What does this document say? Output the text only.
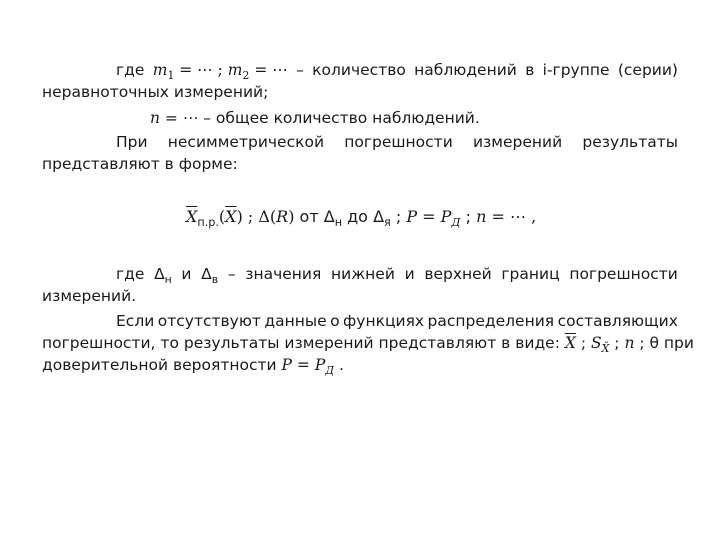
где $m_1$ = ⋯ ; $m_2$ = ⋯ – количество наблюдений в i-группе (серии)
неравноточных измерений;
n = ⋯ – общее количество наблюдений.
При несимметрической погрешности измерений результаты
представляют в форме:
$\overline{X}_{п.р.}(\overline{X})$ ; Δ(R) от $\Delta_н$ до $\Delta_я$ ; $P = P_Д$ ; n = ⋯ ,
где $\Delta_н$ и $\Delta_в$ – значения нижней и верхней границ погрешности
измерений.
Если отсутствуют данные о функциях распределения составляющих
погрешности, то результаты измерений представляют в виде: $\overline{X}$ ; $S_{X̄}$ ; n ; θ при
доверительной вероятности $P = P_Д$ .
